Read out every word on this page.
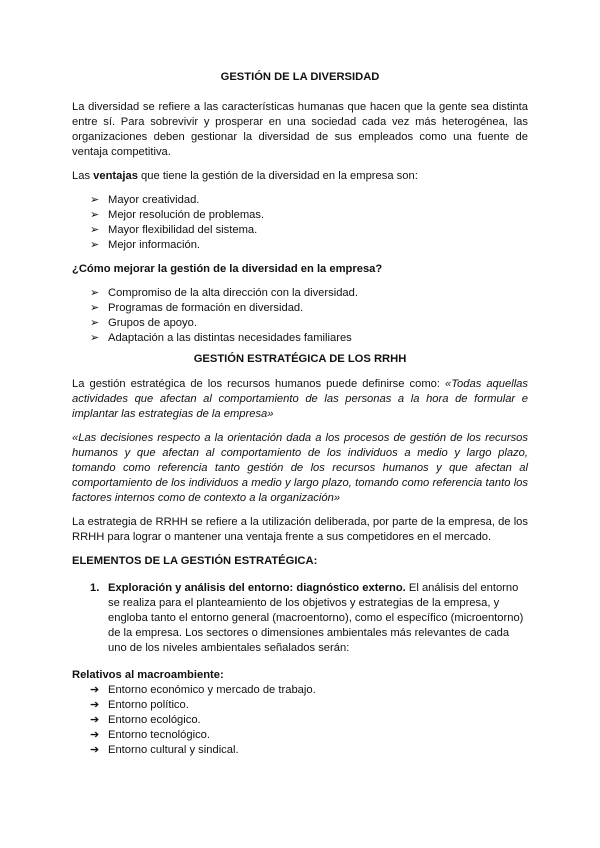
GESTIÓN DE LA DIVERSIDAD

La diversidad se refiere a las características humanas que hacen que la gente sea distinta entre sí. Para sobrevivir y prosperar en una sociedad cada vez más heterogénea, las organizaciones deben gestionar la diversidad de sus empleados como una fuente de ventaja competitiva.

Las ventajas que tiene la gestión de la diversidad en la empresa son:

➢ Mayor creatividad.
➢ Mejor resolución de problemas.
➢ Mayor flexibilidad del sistema.
➢ Mejor información.

¿Cómo mejorar la gestión de la diversidad en la empresa?

➢ Compromiso de la alta dirección con la diversidad.
➢ Programas de formación en diversidad.
➢ Grupos de apoyo.
➢ Adaptación a las distintas necesidades familiares

GESTIÓN ESTRATÉGICA DE LOS RRHH

La gestión estratégica de los recursos humanos puede definirse como: «Todas aquellas actividades que afectan al comportamiento de las personas a la hora de formular e implantar las estrategias de la empresa»

«Las decisiones respecto a la orientación dada a los procesos de gestión de los recursos humanos y que afectan al comportamiento de los individuos a medio y largo plazo, tomando como referencia tanto gestión de los recursos humanos y que afectan al comportamiento de los individuos a medio y largo plazo, tomando como referencia tanto los factores internos como de contexto a la organización»

La estrategia de RRHH se refiere a la utilización deliberada, por parte de la empresa, de los RRHH para lograr o mantener una ventaja frente a sus competidores en el mercado.

ELEMENTOS DE LA GESTIÓN ESTRATÉGICA:

1. Exploración y análisis del entorno: diagnóstico externo. El análisis del entorno se realiza para el planteamiento de los objetivos y estrategias de la empresa, y engloba tanto el entorno general (macroentorno), como el específico (microentorno) de la empresa. Los sectores o dimensiones ambientales más relevantes de cada uno de los niveles ambientales señalados serán:

Relativos al macroambiente:

➔ Entorno económico y mercado de trabajo.
➔ Entorno político.
➔ Entorno ecológico.
➔ Entorno tecnológico.
➔ Entorno cultural y sindical.
